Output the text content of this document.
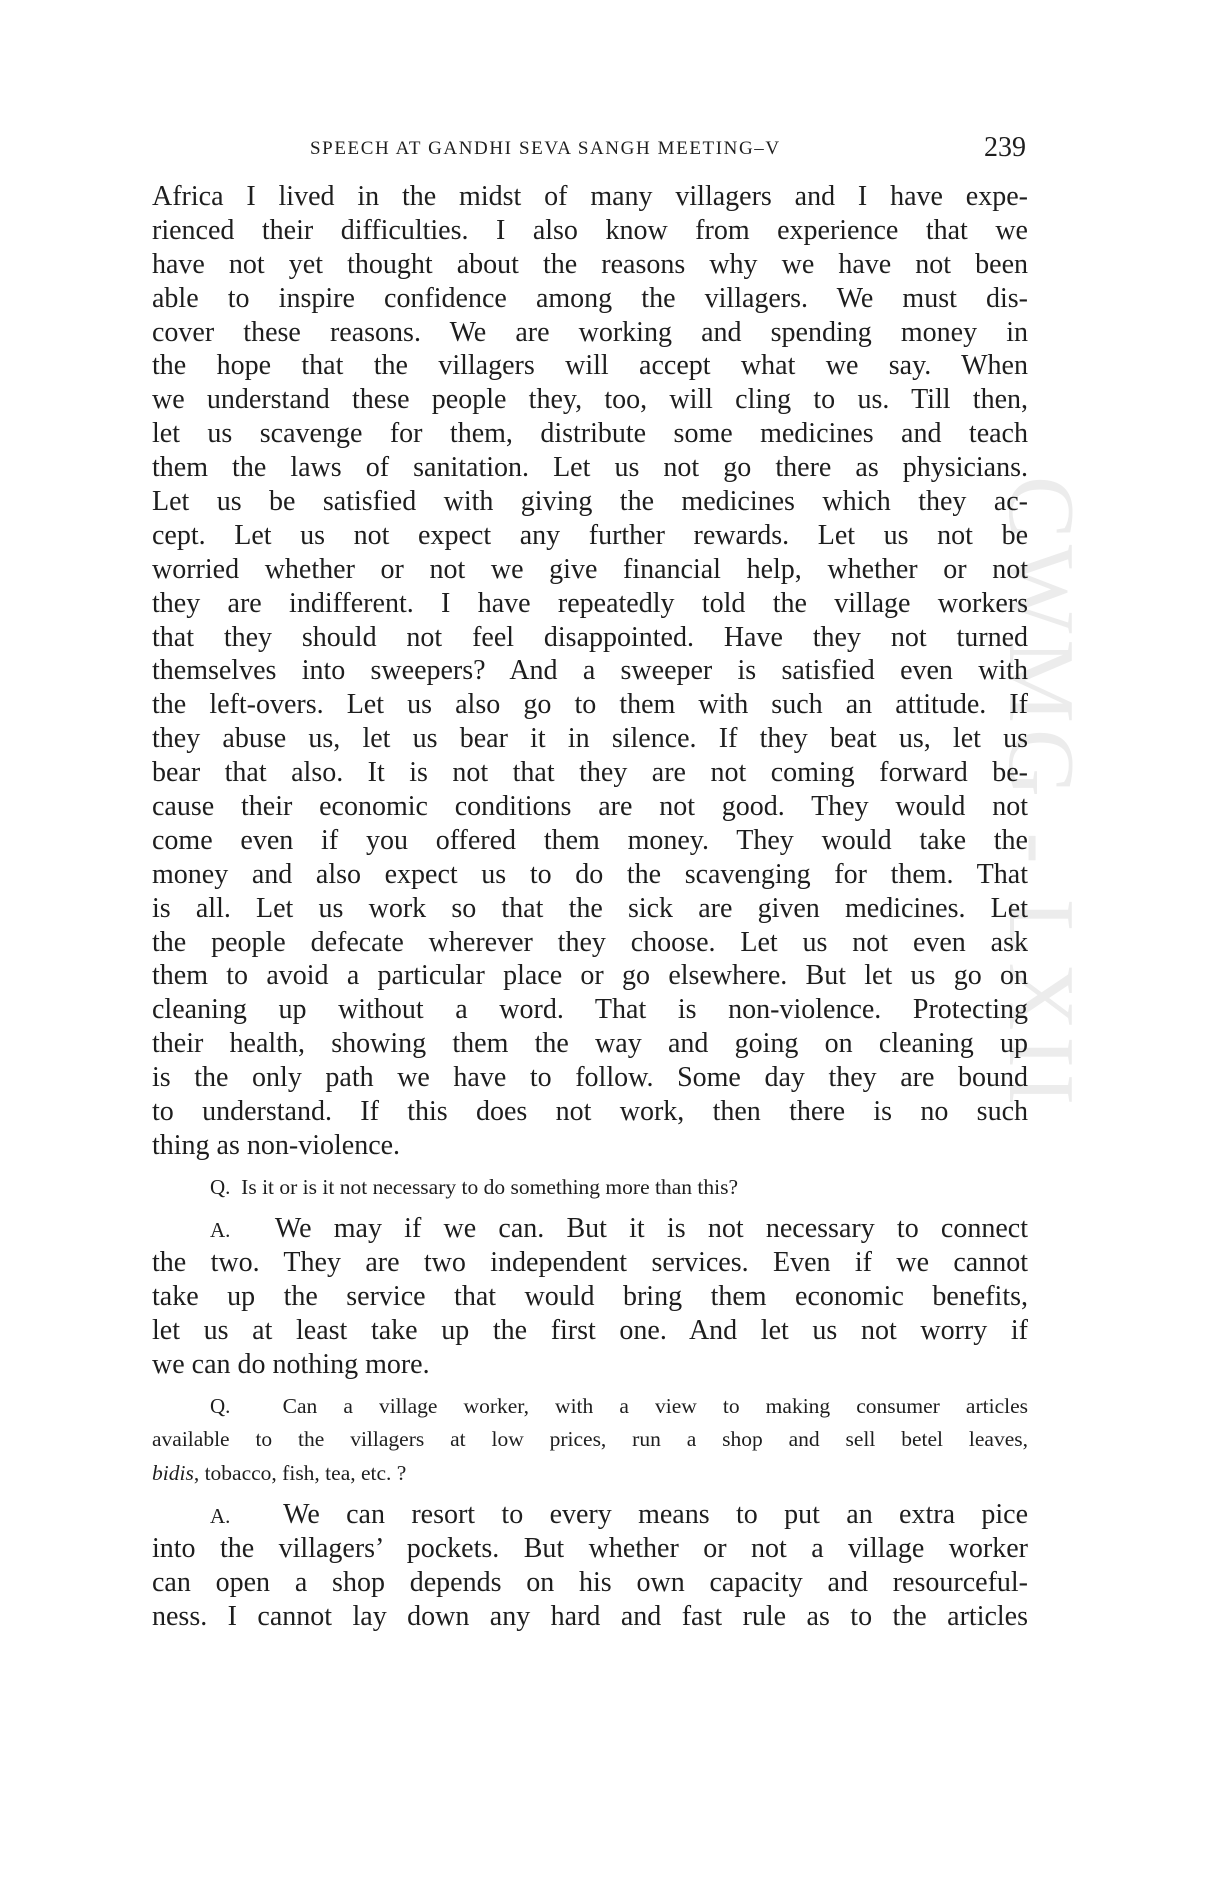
CWMG - LXII
SPEECH AT GANDHI SEVA SANGH MEETING–V	239
Africa I lived in the midst of many villagers and I have expe-
rienced their difficulties. I also know from experience that we
have not yet thought about the reasons why we have not been
able to inspire confidence among the villagers. We must dis-
cover these reasons. We are working and spending money in
the hope that the villagers will accept what we say. When
we understand these people they, too, will cling to us. Till then,
let us scavenge for them, distribute some medicines and teach
them the laws of sanitation. Let us not go there as physicians.
Let us be satisfied with giving the medicines which they ac-
cept. Let us not expect any further rewards. Let us not be
worried whether or not we give financial help, whether or not
they are indifferent. I have repeatedly told the village workers
that they should not feel disappointed. Have they not turned
themselves into sweepers? And a sweeper is satisfied even with
the left-overs. Let us also go to them with such an attitude. If
they abuse us, let us bear it in silence. If they beat us, let us
bear that also. It is not that they are not coming forward be-
cause their economic conditions are not good. They would not
come even if you offered them money. They would take the
money and also expect us to do the scavenging for them. That
is all. Let us work so that the sick are given medicines. Let
the people defecate wherever they choose. Let us not even ask
them to avoid a particular place or go elsewhere. But let us go on
cleaning up without a word. That is non-violence. Protecting
their health, showing them the way and going on cleaning up
is the only path we have to follow. Some day they are bound
to understand. If this does not work, then there is no such
thing as non-violence.
Q. Is it or is it not necessary to do something more than this?
A. We may if we can. But it is not necessary to connect
the two. They are two independent services. Even if we cannot
take up the service that would bring them economic benefits,
let us at least take up the first one. And let us not worry if
we can do nothing more.
Q. Can a village worker, with a view to making consumer articles
available to the villagers at low prices, run a shop and sell betel leaves,
bidis, tobacco, fish, tea, etc. ?
A. We can resort to every means to put an extra pice
into the villagers’ pockets. But whether or not a village worker
can open a shop depends on his own capacity and resourceful-
ness. I cannot lay down any hard and fast rule as to the articles
